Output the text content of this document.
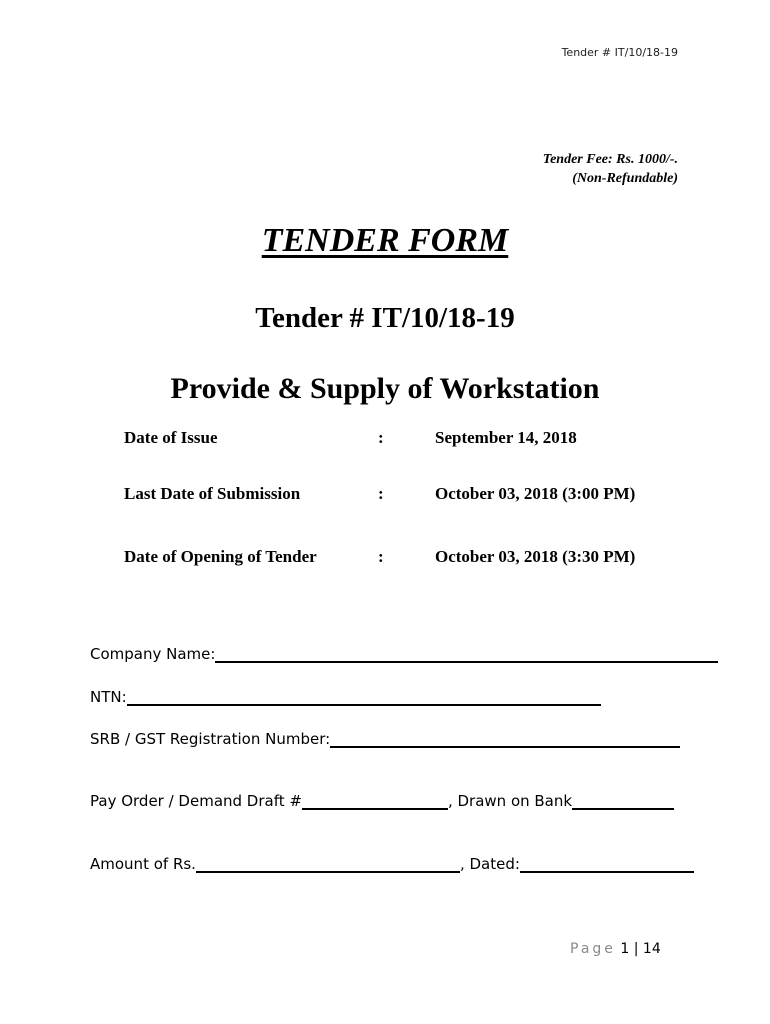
Tender # IT/10/18-19
Tender Fee: Rs. 1000/-.
(Non-Refundable)
TENDER FORM
Tender # IT/10/18-19
Provide & Supply of Workstation
Date of Issue	:	September 14, 2018
Last Date of Submission	:	October 03, 2018 (3:00 PM)
Date of Opening of Tender	:	October 03, 2018 (3:30 PM)
Company Name:
NTN:
SRB / GST Registration Number:
Pay Order / Demand Draft #	, Drawn on Bank
Amount of Rs.	, Dated:
Page 1 | 14
